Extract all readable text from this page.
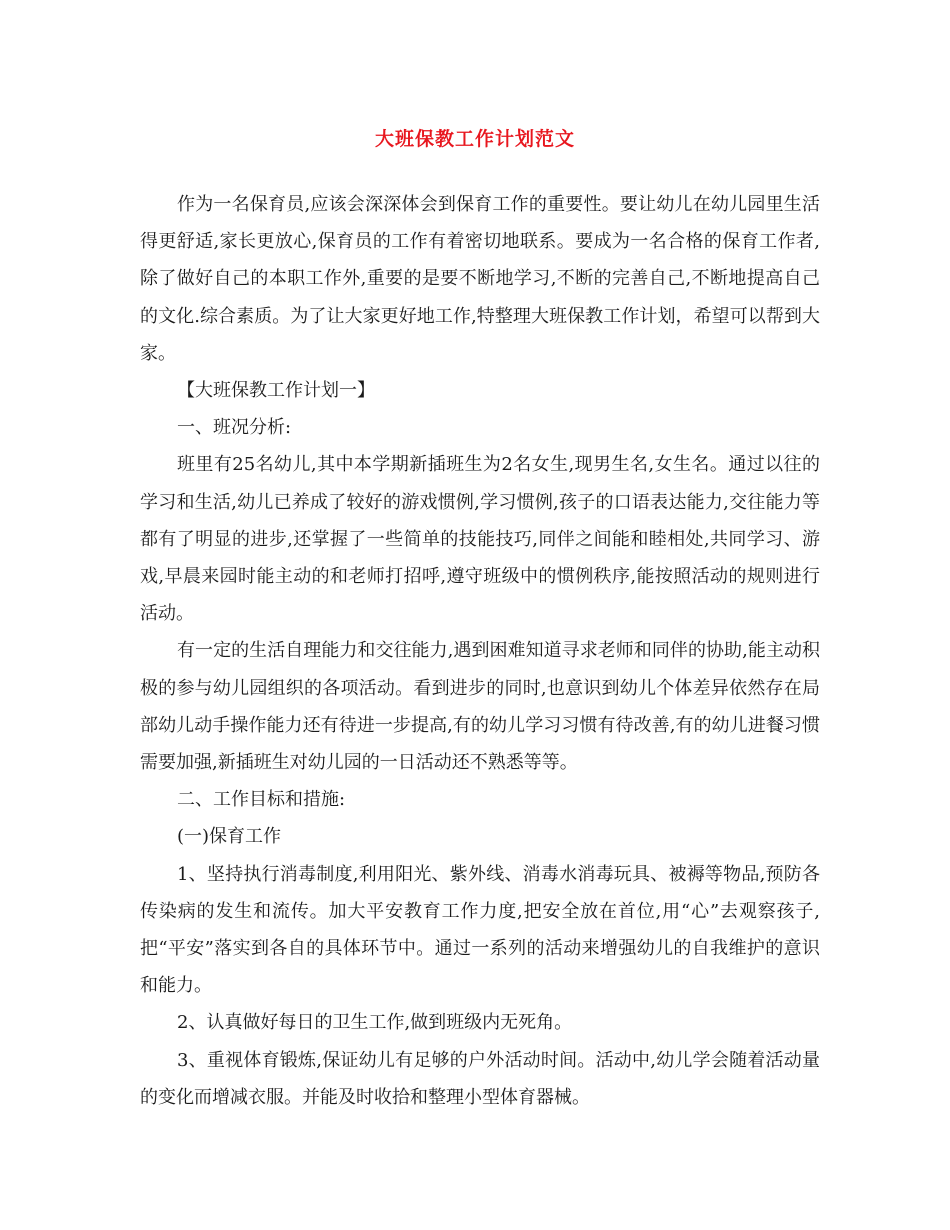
大班保教工作计划范文

作为一名保育员,应该会深深体会到保育工作的重要性。要让幼儿在幼儿园里生活得更舒适,家长更放心,保育员的工作有着密切地联系。要成为一名合格的保育工作者,除了做好自己的本职工作外,重要的是要不断地学习,不断的完善自己,不断地提高自己的文化.综合素质。为了让大家更好地工作,特整理大班保教工作计划，希望可以帮到大家。

【大班保教工作计划一】

一、班况分析:

班里有25名幼儿,其中本学期新插班生为2名女生,现男生名,女生名。通过以往的学习和生活,幼儿已养成了较好的游戏惯例,学习惯例,孩子的口语表达能力,交往能力等都有了明显的进步,还掌握了一些简单的技能技巧,同伴之间能和睦相处,共同学习、游戏,早晨来园时能主动的和老师打招呼,遵守班级中的惯例秩序,能按照活动的规则进行活动。

有一定的生活自理能力和交往能力,遇到困难知道寻求老师和同伴的协助,能主动积极的参与幼儿园组织的各项活动。看到进步的同时,也意识到幼儿个体差异依然存在局部幼儿动手操作能力还有待进一步提高,有的幼儿学习习惯有待改善,有的幼儿进餐习惯需要加强,新插班生对幼儿园的一日活动还不熟悉等等。

二、工作目标和措施:

(一)保育工作

1、坚持执行消毒制度,利用阳光、紫外线、消毒水消毒玩具、被褥等物品,预防各传染病的发生和流传。加大平安教育工作力度,把安全放在首位,用“心”去观察孩子,把“平安”落实到各自的具体环节中。通过一系列的活动来增强幼儿的自我维护的意识和能力。

2、认真做好每日的卫生工作,做到班级内无死角。

3、重视体育锻炼,保证幼儿有足够的户外活动时间。活动中,幼儿学会随着活动量的变化而增减衣服。并能及时收拾和整理小型体育器械。
